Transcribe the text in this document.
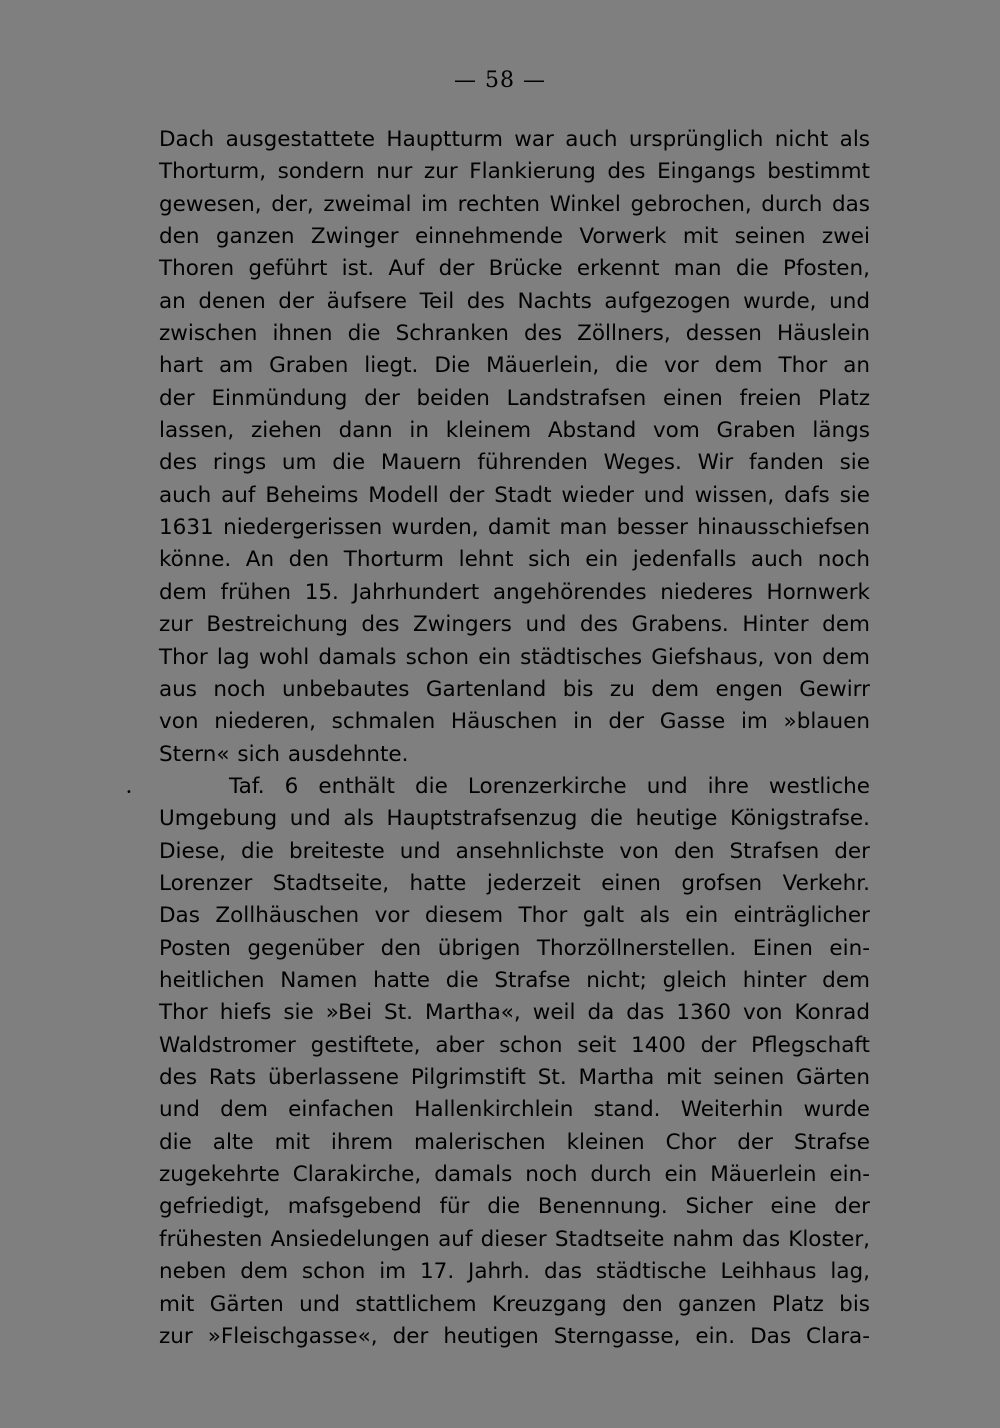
— 58 —

Dach ausgestattete Hauptturm war auch ursprünglich nicht als
Thorturm, sondern nur zur Flankierung des Eingangs bestimmt
gewesen, der, zweimal im rechten Winkel gebrochen, durch das
den ganzen Zwinger einnehmende Vorwerk mit seinen zwei
Thoren geführt ist. Auf der Brücke erkennt man die Pfosten,
an denen der äufsere Teil des Nachts aufgezogen wurde, und
zwischen ihnen die Schranken des Zöllners, dessen Häuslein
hart am Graben liegt. Die Mäuerlein, die vor dem Thor an
der Einmündung der beiden Landstrafsen einen freien Platz
lassen, ziehen dann in kleinem Abstand vom Graben längs
des rings um die Mauern führenden Weges. Wir fanden sie
auch auf Beheims Modell der Stadt wieder und wissen, dafs sie
1631 niedergerissen wurden, damit man besser hinausschiefsen
könne. An den Thorturm lehnt sich ein jedenfalls auch noch
dem frühen 15. Jahrhundert angehörendes niederes Hornwerk
zur Bestreichung des Zwingers und des Grabens. Hinter dem
Thor lag wohl damals schon ein städtisches Giefshaus, von dem
aus noch unbebautes Gartenland bis zu dem engen Gewirr
von niederen, schmalen Häuschen in der Gasse im »blauen
Stern« sich ausdehnte.

•	Taf. 6 enthält die Lorenzerkirche und ihre westliche
Umgebung und als Hauptstrafsenzug die heutige Königstrafse.
Diese, die breiteste und ansehnlichste von den Strafsen der
Lorenzer Stadtseite, hatte jederzeit einen grofsen Verkehr.
Das Zollhäuschen vor diesem Thor galt als ein einträglicher
Posten gegenüber den übrigen Thorzöllnerstellen. Einen ein-
heitlichen Namen hatte die Strafse nicht; gleich hinter dem
Thor hiefs sie »Bei St. Martha«, weil da das 1360 von Konrad
Waldstromer gestiftete, aber schon seit 1400 der Pflegschaft
des Rats überlassene Pilgrimstift St. Martha mit seinen Gärten
und dem einfachen Hallenkirchlein stand. Weiterhin wurde
die alte mit ihrem malerischen kleinen Chor der Strafse
zugekehrte Clarakirche, damals noch durch ein Mäuerlein ein-
gefriedigt, mafsgebend für die Benennung. Sicher eine der
frühesten Ansiedelungen auf dieser Stadtseite nahm das Kloster,
neben dem schon im 17. Jahrh. das städtische Leihhaus lag,
mit Gärten und stattlichem Kreuzgang den ganzen Platz bis
zur »Fleischgasse«, der heutigen Sterngasse, ein. Das Clara-
